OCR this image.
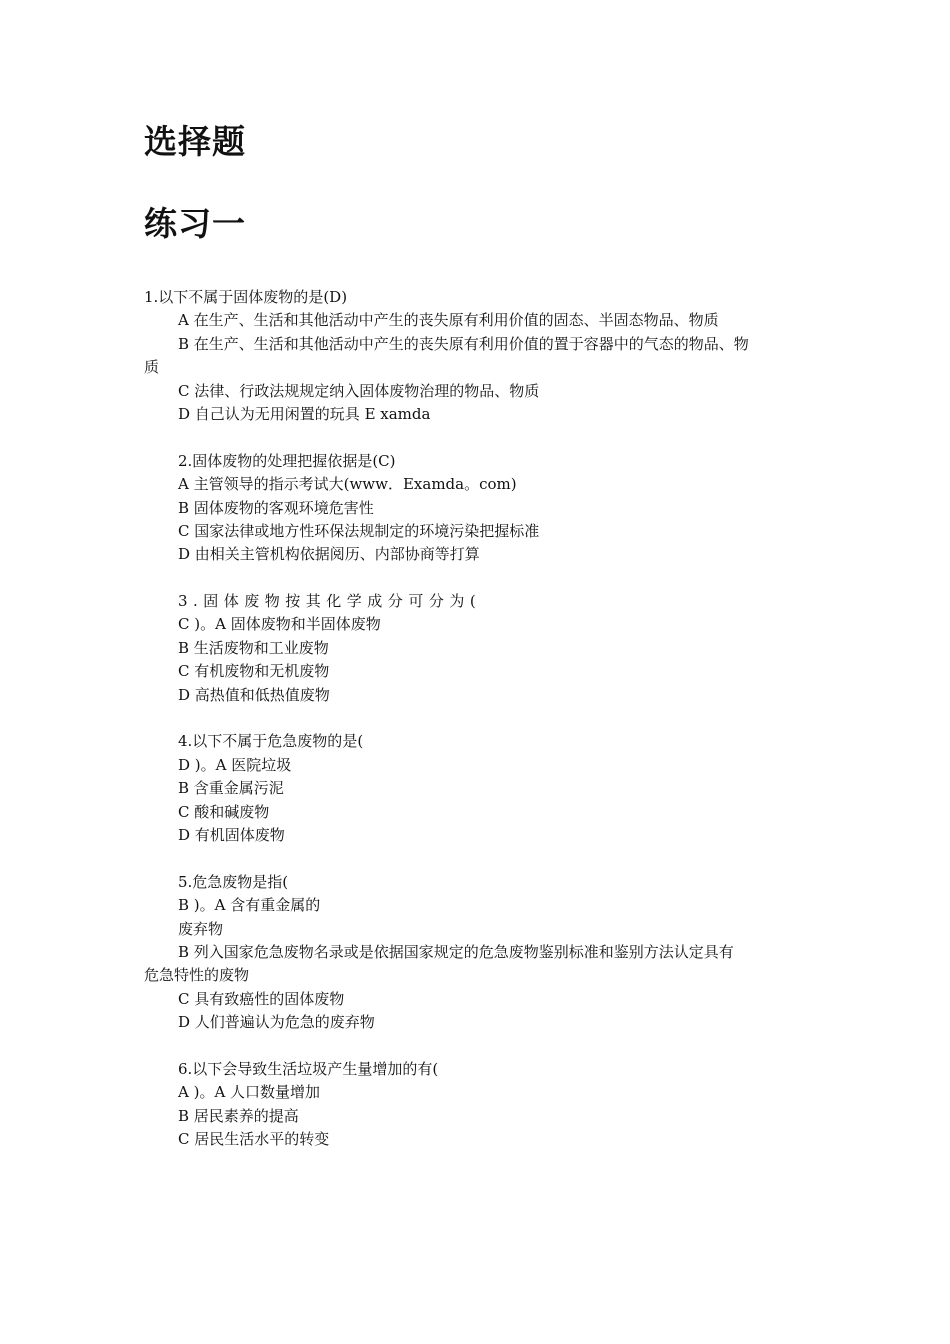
选择题
练习一
1.以下不属于固体废物的是(D)
A 在生产、生活和其他活动中产生的丧失原有利用价值的固态、半固态物品、物质
B 在生产、生活和其他活动中产生的丧失原有利用价值的置于容器中的气态的物品、物
质
C 法律、行政法规规定纳入固体废物治理的物品、物质
D 自己认为无用闲置的玩具 E xamda
2.固体废物的处理把握依据是(C)
A 主管领导的指示考试大(www．Examda。com)
B 固体废物的客观环境危害性
C 国家法律或地方性环保法规制定的环境污染把握标准
D 由相关主管机构依据阅历、内部协商等打算
3.固体废物按其化学成分可分为(
C )。A 固体废物和半固体废物
B 生活废物和工业废物
C 有机废物和无机废物
D 高热值和低热值废物
4.以下不属于危急废物的是(
D )。A 医院垃圾
B 含重金属污泥
C 酸和碱废物
D 有机固体废物
5.危急废物是指(
B )。A 含有重金属的
废弃物
B 列入国家危急废物名录或是依据国家规定的危急废物鉴别标准和鉴别方法认定具有
危急特性的废物
C 具有致癌性的固体废物
D 人们普遍认为危急的废弃物
6.以下会导致生活垃圾产生量增加的有(
A )。A 人口数量增加
B 居民素养的提高
C 居民生活水平的转变
